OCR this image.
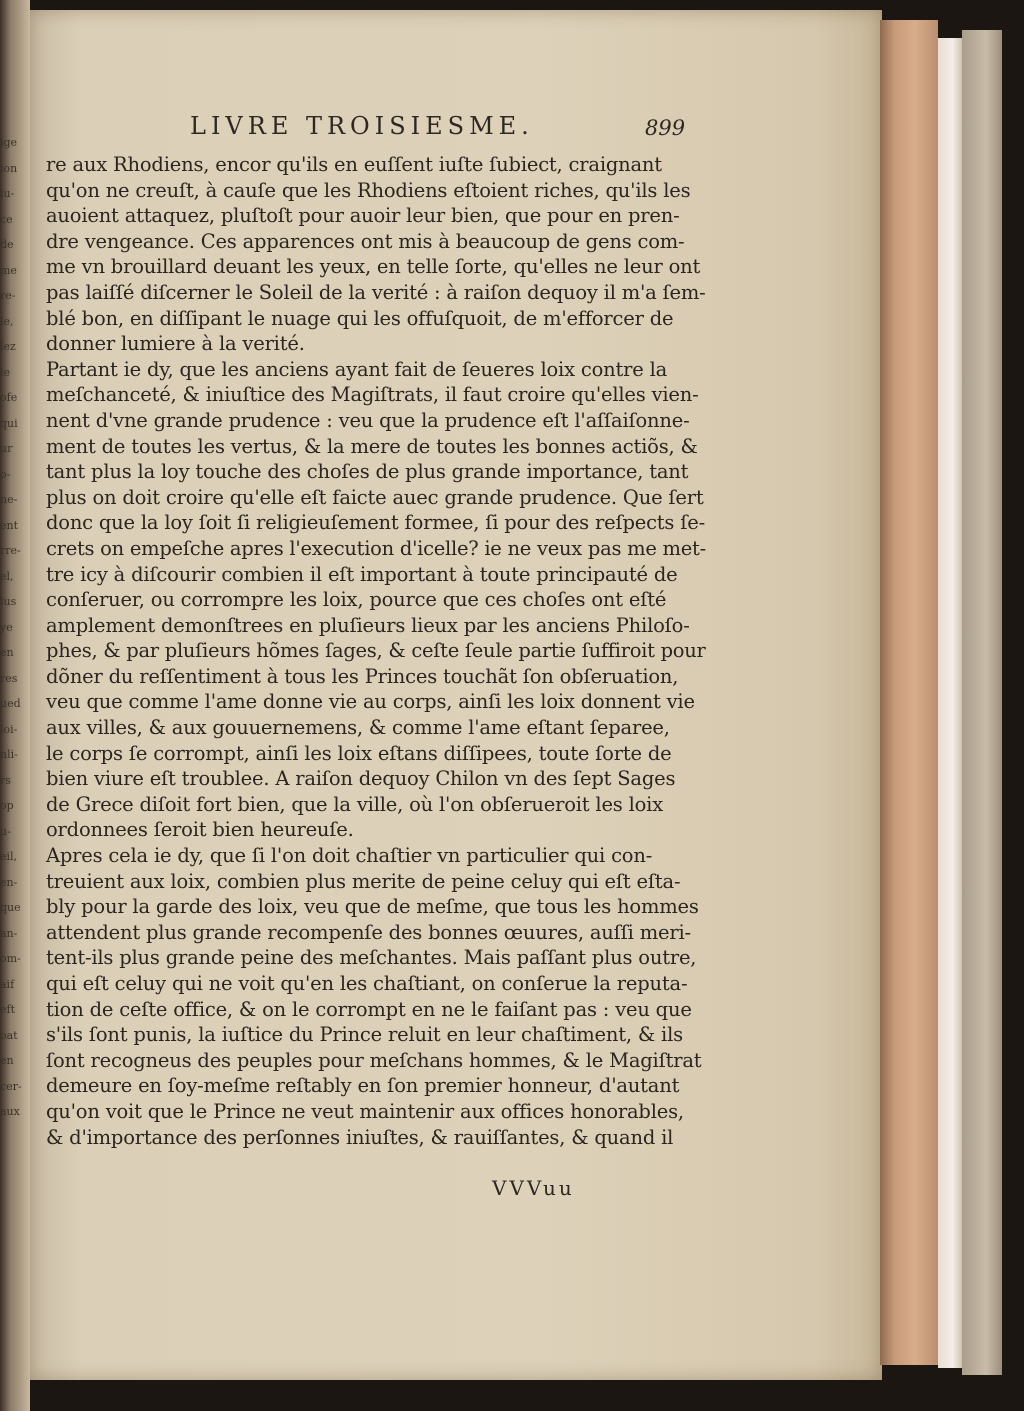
ige
ion
lu-
ce
de
me
re-
le,
lez
le
ofe
qui
ur
o-
ne-
ent
rre-
el,
lus
ye
en
res
ued
loi-
nli-
rs
op
u-
eil,
en-
que
an-
om-
aif
eft
oat
en
cer-
aux
LIVRE TROISIESME.	899
re aux Rhodiens, encor qu'ils en euſſent iuſte ſubiect, craignant
qu'on ne creuſt, à cauſe que les Rhodiens eſtoient riches, qu'ils les
auoient attaquez, pluſtoſt pour auoir leur bien, que pour en pren-
dre vengeance. Ces apparences ont mis à beaucoup de gens com-
me vn brouillard deuant les yeux, en telle ſorte, qu'elles ne leur ont
pas laiſſé diſcerner le Soleil de la verité : à raiſon dequoy il m'a ſem-
blé bon, en diſſipant le nuage qui les offuſquoit, de m'efforcer de
donner lumiere à la verité.
Partant ie dy, que les anciens ayant fait de ſeueres loix contre la
meſchanceté, & iniuſtice des Magiſtrats, il faut croire qu'elles vien-
nent d'vne grande prudence : veu que la prudence eſt l'aſſaiſonne-
ment de toutes les vertus, & la mere de toutes les bonnes actiõs, &
tant plus la loy touche des choſes de plus grande importance, tant
plus on doit croire qu'elle eſt faicte auec grande prudence. Que ſert
donc que la loy ſoit ſi religieuſement formee, ſi pour des reſpects ſe-
crets on empeſche apres l'execution d'icelle? ie ne veux pas me met-
tre icy à diſcourir combien il eſt important à toute principauté de
conſeruer, ou corrompre les loix, pource que ces choſes ont eſté
amplement demonſtrees en pluſieurs lieux par les anciens Philoſo-
phes, & par pluſieurs hõmes ſages, & ceſte ſeule partie ſuffiroit pour
dõner du reſſentiment à tous les Princes touchãt ſon obſeruation,
veu que comme l'ame donne vie au corps, ainſi les loix donnent vie
aux villes, & aux gouuernemens, & comme l'ame eſtant ſeparee,
le corps ſe corrompt, ainſi les loix eſtans diſſipees, toute ſorte de
bien viure eſt troublee. A raiſon dequoy Chilon vn des ſept Sages
de Grece diſoit fort bien, que la ville, où l'on obſerueroit les loix
ordonnees ſeroit bien heureuſe.
Apres cela ie dy, que ſi l'on doit chaſtier vn particulier qui con-
treuient aux loix, combien plus merite de peine celuy qui eſt eſta-
bly pour la garde des loix, veu que de meſme, que tous les hommes
attendent plus grande recompenſe des bonnes œuures, auſſi meri-
tent-ils plus grande peine des meſchantes. Mais paſſant plus outre,
qui eſt celuy qui ne voit qu'en les chaſtiant, on conſerue la reputa-
tion de ceſte office, & on le corrompt en ne le faiſant pas : veu que
s'ils ſont punis, la iuſtice du Prince reluit en leur chaſtiment, & ils
ſont recognеus des peuples pour meſchans hommes, & le Magiſtrat
demeure en ſoy-meſme reſtably en ſon premier honneur, d'autant
qu'on voit que le Prince ne veut maintenir aux offices honorables,
& d'importance des perſonnes iniuſtes, & rauiſſantes, & quand il
VVVuu
